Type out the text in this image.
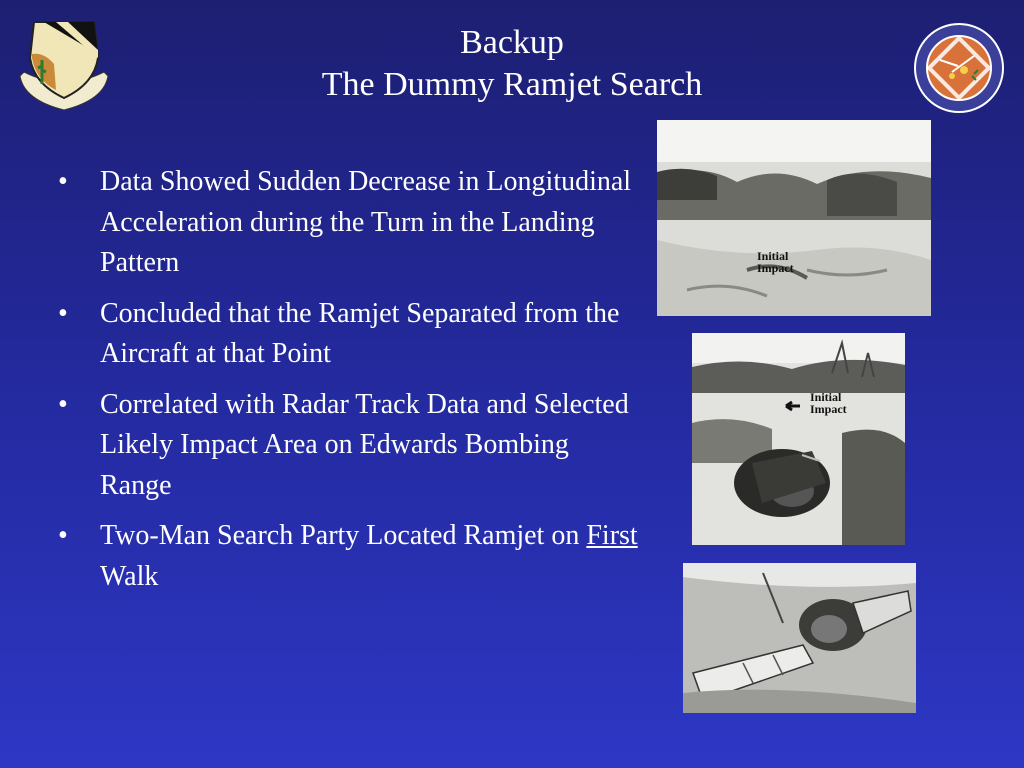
Backup
The Dummy Ramjet Search
• Data Showed Sudden Decrease in Longitudinal Acceleration during the Turn in the Landing Pattern
• Concluded that the Ramjet Separated from the Aircraft at that Point
• Correlated with Radar Track Data and Selected Likely Impact Area on Edwards Bombing Range
• Two-Man Search Party Located Ramjet on First Walk
Initial
Impact
Initial
Impact
